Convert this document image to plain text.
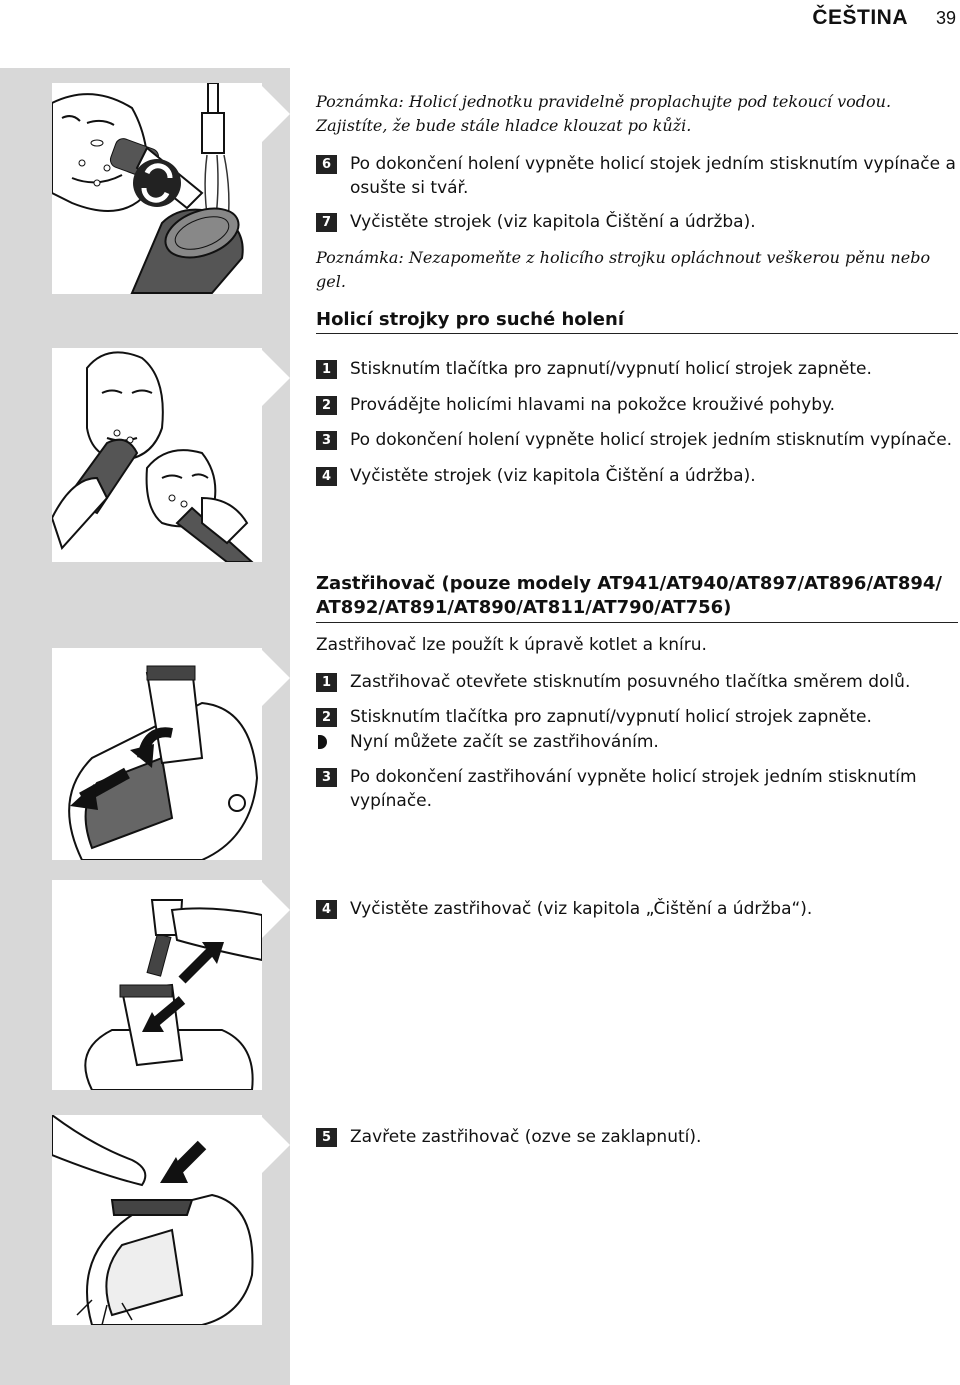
ČEŠTINA 39

Poznámka: Holicí jednotku pravidelně proplachujte pod tekoucí vodou.

Zajistíte, že bude stále hladce klouzat po kůži.

6	Po dokončení holení vypněte holicí stojek jedním stisknutím vypínače a osušte si tvář.
7	Vyčistěte strojek (viz kapitola Čištění a údržba).

Poznámka: Nezapomeňte z holicího strojku opláchnout veškerou pěnu nebo gel.

Holicí strojky pro suché holení
1	Stisknutím tlačítka pro zapnutí/vypnutí holicí strojek zapněte.
2	Provádějte holicími hlavami na pokožce krouživé pohyby.
3	Po dokončení holení vypněte holicí strojek jedním stisknutím vypínače.
4	Vyčistěte strojek (viz kapitola Čištění a údržba).
Zastřihovač (pouze modely AT941/AT940/AT897/AT896/AT894/
AT892/AT891/AT890/AT811/AT790/AT756)
Zastřihovač lze použít k úpravě kotlet a kníru.
1	Zastřihovač otevřete stisknutím posuvného tlačítka směrem dolů.
2	Stisknutím tlačítka pro zapnutí/vypnutí holicí strojek zapněte.
Nyní můžete začít se zastřihováním.
3	Po dokončení zastřihování vypněte holicí strojek jedním stisknutím vypínače.
4	Vyčistěte zastřihovač (viz kapitola „Čištění a údržba“).
5	Zavřete zastřihovač (ozve se zaklapnutí).
